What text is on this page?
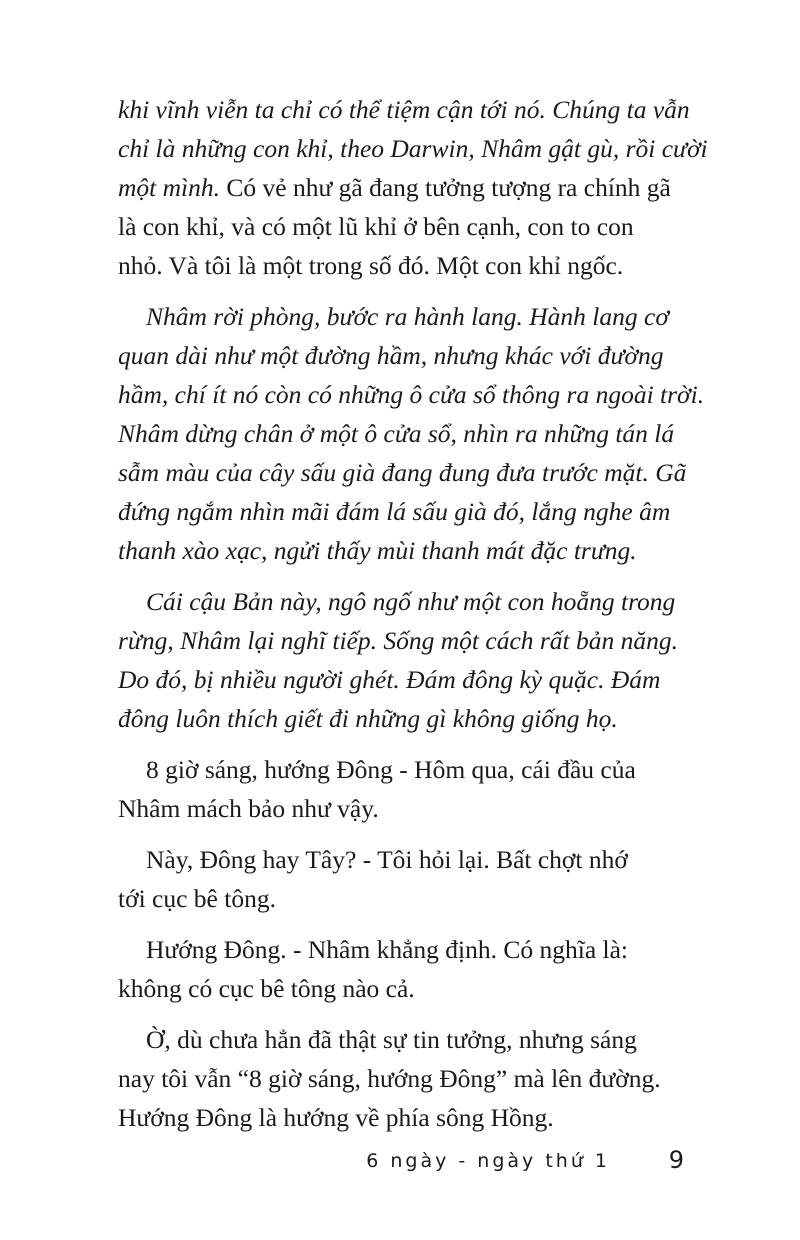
khi vĩnh viễn ta chỉ có thể tiệm cận tới nó. Chúng ta vẫn
chỉ là những con khỉ, theo Darwin, Nhâm gật gù, rồi cười
một mình. Có vẻ như gã đang tưởng tượng ra chính gã
là con khỉ, và có một lũ khỉ ở bên cạnh, con to con
nhỏ. Và tôi là một trong số đó. Một con khỉ ngốc.

Nhâm rời phòng, bước ra hành lang. Hành lang cơ
quan dài như một đường hầm, nhưng khác với đường
hầm, chí ít nó còn có những ô cửa sổ thông ra ngoài trời.
Nhâm dừng chân ở một ô cửa sổ, nhìn ra những tán lá
sẫm màu của cây sấu già đang đung đưa trước mặt. Gã
đứng ngắm nhìn mãi đám lá sấu già đó, lắng nghe âm
thanh xào xạc, ngửi thấy mùi thanh mát đặc trưng.

Cái cậu Bản này, ngô ngố như một con hoẵng trong
rừng, Nhâm lại nghĩ tiếp. Sống một cách rất bản năng.
Do đó, bị nhiều người ghét. Đám đông kỳ quặc. Đám
đông luôn thích giết đi những gì không giống họ.

8 giờ sáng, hướng Đông - Hôm qua, cái đầu của
Nhâm mách bảo như vậy.

Này, Đông hay Tây? - Tôi hỏi lại. Bất chợt nhớ
tới cục bê tông.

Hướng Đông. - Nhâm khẳng định. Có nghĩa là:
không có cục bê tông nào cả.

Ờ, dù chưa hẳn đã thật sự tin tưởng, nhưng sáng
nay tôi vẫn “8 giờ sáng, hướng Đông” mà lên đường.
Hướng Đông là hướng về phía sông Hồng.

6 ngày - ngày thứ 1 9
